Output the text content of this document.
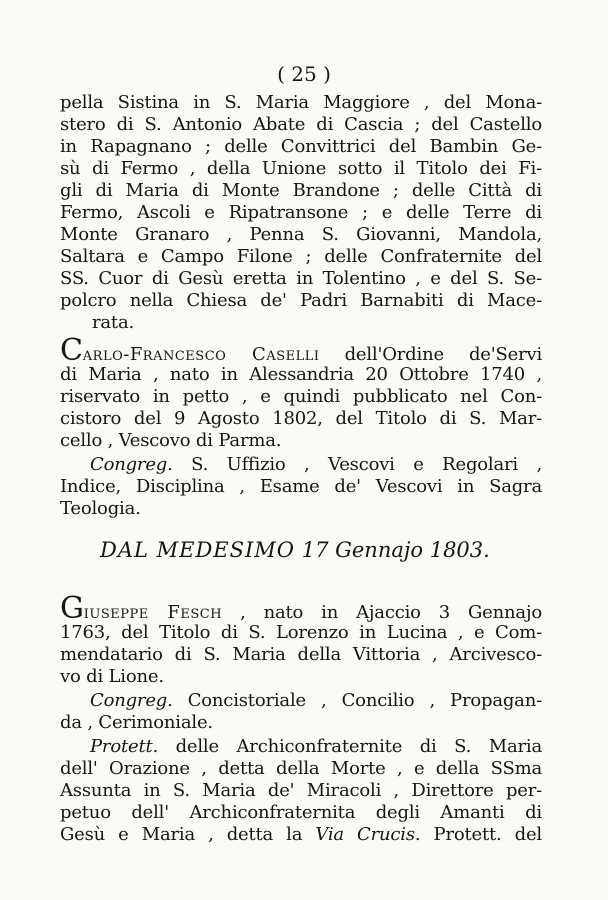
( 25 )

pella Sistina in S. Maria Maggiore , del Mona-

stero di S. Antonio Abate di Cascia ; del Castello

in Rapagnano ; delle Convittrici del Bambin Ge-

sù di Fermo , della Unione sotto il Titolo dei Fi-

gli di Maria di Monte Brandone ; delle Città di

Fermo, Ascoli e Ripatransone ; e delle Terre di

Monte Granaro , Penna S. Giovanni, Mandola,

Saltara e Campo Filone ; delle Confraternite del

SS. Cuor di Gesù eretta in Tolentino , e del S. Se-

polcro nella Chiesa de' Padri Barnabiti di Mace-

rata.

Carlo-Francesco Caselli dell'Ordine de'Servi

di Maria , nato in Alessandria 20 Ottobre 1740 ,

riservato in petto , e quindi pubblicato nel Con-

cistoro del 9 Agosto 1802, del Titolo di S. Mar-

cello , Vescovo di Parma.

Congreg. S. Uffizio , Vescovi e Regolari ,

Indice, Disciplina , Esame de' Vescovi in Sagra

Teologia.

DAL MEDESIMO 17 Gennajo 1803.

Giuseppe Fesch , nato in Ajaccio 3 Gennajo

1763, del Titolo di S. Lorenzo in Lucina , e Com-

mendatario di S. Maria della Vittoria , Arcivesco-

vo di Lione.

Congreg. Concistoriale , Concilio , Propagan-

da , Cerimoniale.

Protett. delle Archiconfraternite di S. Maria

dell' Orazione , detta della Morte , e della SSma

Assunta in S. Maria de' Miracoli , Direttore per-

petuo dell' Archiconfraternita degli Amanti di

Gesù e Maria , detta la Via Crucis. Protett. del
